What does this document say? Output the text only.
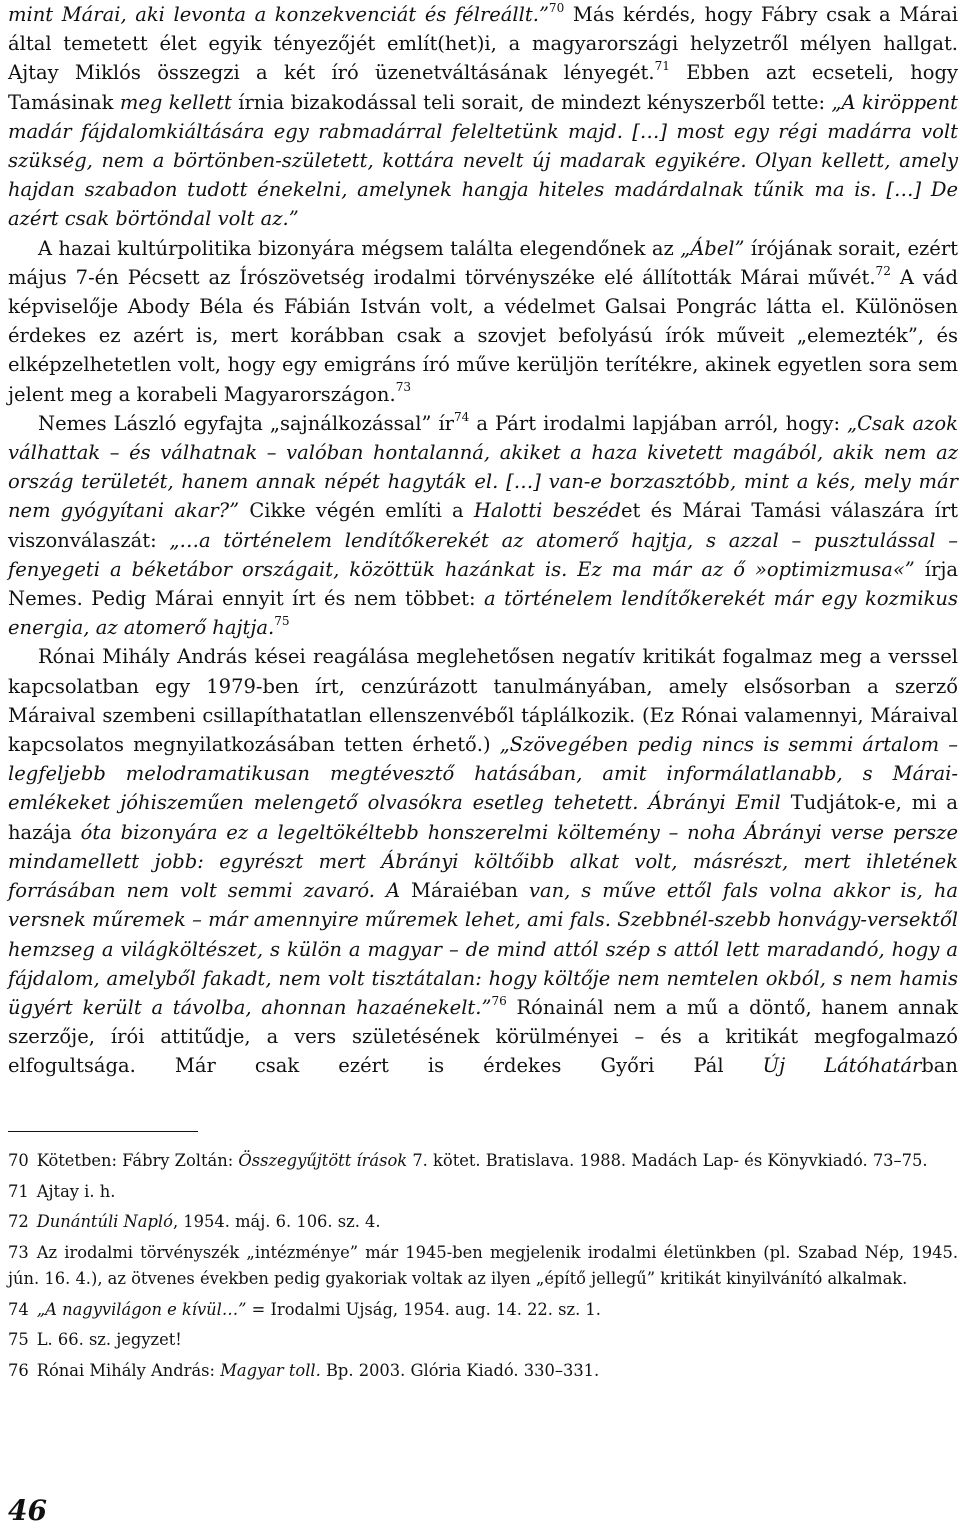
mint Márai, aki levonta a konzekvenciát és félreállt.”$^{70}$ Más kérdés, hogy Fábry csak a Márai által temetett élet egyik tényezőjét említ(het)i, a magyarországi helyzetről mélyen hallgat. Ajtay Miklós összegzi a két író üzenetváltásának lényegét.$^{71}$ Ebben azt ecseteli, hogy Tamásinak meg kellett írnia bizakodással teli sorait, de mindezt kényszerből tette: „A kiröppent madár fájdalomkiáltására egy rabmadárral feleltetünk majd. […] most egy régi madárra volt szükség, nem a börtönben-született, kottára nevelt új madarak egyikére. Olyan kellett, amely hajdan szabadon tudott énekelni, amelynek hangja hiteles madárdalnak tűnik ma is. […] De azért csak börtöndal volt az.”

A hazai kultúrpolitika bizonyára mégsem találta elegendőnek az „Ábel” írójának sorait, ezért május 7-én Pécsett az Írószövetség irodalmi törvényszéke elé állították Márai művét.$^{72}$ A vád képviselője Abody Béla és Fábián István volt, a védelmet Galsai Pongrác látta el. Különösen érdekes ez azért is, mert korábban csak a szovjet befolyású írók műveit „elemezték”, és elképzelhetetlen volt, hogy egy emigráns író műve kerüljön terítékre, akinek egyetlen sora sem jelent meg a korabeli Magyarországon.$^{73}$

Nemes László egyfajta „sajnálkozással” $ír^{74}$ a Párt irodalmi lapjában arról, hogy: „Csak azok válhattak – és válhatnak – valóban hontalanná, akiket a haza kivetett magából, akik nem az ország területét, hanem annak népét hagyták el. […] van-e borzasztóbb, mint a kés, mely már nem gyógyítani akar?” Cikke végén említi a Halotti beszédet és Márai Tamási válaszára írt viszonválaszát: „…a történelem lendítőkerekét az atomerő hajtja, s azzal – pusztulással – fenyegeti a béketábor országait, közöttük hazánkat is. Ez ma már az ő »optimizmusa«” írja Nemes. Pedig Márai ennyit írt és nem többet: a történelem lendítőkerekét már egy kozmikus energia, az atomerő hajtja.$^{75}$

Rónai Mihály András kései reagálása meglehetősen negatív kritikát fogalmaz meg a verssel kapcsolatban egy 1979-ben írt, cenzúrázott tanulmányában, amely elsősorban a szerző Máraival szembeni csillapíthatatlan ellenszenvéből táplálkozik. (Ez Rónai valamennyi, Máraival kapcsolatos megnyilatkozásában tetten érhető.) „Szövegében pedig nincs is semmi ártalom – legfeljebb melodramatikusan megtévesztő hatásában, amit informálatlanabb, s Márai-emlékeket jóhiszeműen melengető olvasókra esetleg tehetett. Ábrányi Emil Tudjátok-e, mi a hazája óta bizonyára ez a legeltökéltebb honszerelmi költemény – noha Ábrányi verse persze mindamellett jobb: egyrészt mert Ábrányi költőibb alkat volt, másrészt, mert ihletének forrásában nem volt semmi zavaró. A Máraiéban van, s műve ettől fals volna akkor is, ha versnek műremek – már amennyire műremek lehet, ami fals. Szebbnél-szebb honvágy-versektől hemzseg a világköltészet, s külön a magyar – de mind attól szép s attól lett maradandó, hogy a fájdalom, amelyből fakadt, nem volt tisztátalan: hogy költője nem nemtelen okból, s nem hamis ügyért került a távolba, ahonnan hazaénekelt.”$^{76}$ Rónainál nem a mű a döntő, hanem annak szerzője, írói attitűdje, a vers születésének körülményei – és a kritikát megfogalmazó elfogultsága. Már csak ezért is érdekes Győri Pál Új Látóhatárban

70 Kötetben: Fábry Zoltán: Összegyűjtött írások 7. kötet. Bratislava. 1988. Madách Lap- és Könyvkiadó. 73–75.

71 Ajtay i. h.

72 Dunántúli Napló, 1954. máj. 6. 106. sz. 4.

73 Az irodalmi törvényszék „intézménye” már 1945-ben megjelenik irodalmi életünkben (pl. Szabad Nép, 1945. jún. 16. 4.), az ötvenes években pedig gyakoriak voltak az ilyen „építő jellegű” kritikát kinyilvánító alkalmak.

74 „A nagyvilágon e kívül…” = Irodalmi Ujság, 1954. aug. 14. 22. sz. 1.

75 L. 66. sz. jegyzet!

76 Rónai Mihály András: Magyar toll. Bp. 2003. Glória Kiadó. 330–331.

46
